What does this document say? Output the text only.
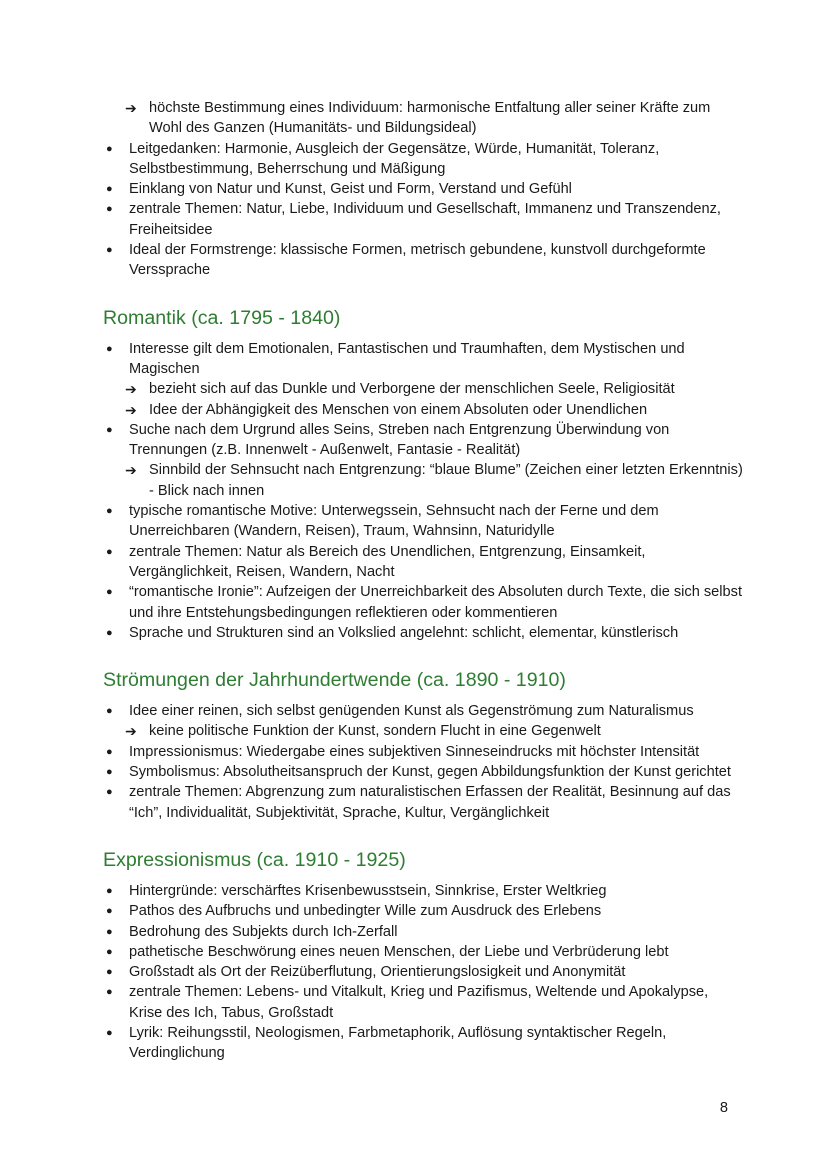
➔ höchste Bestimmung eines Individuum: harmonische Entfaltung aller seiner Kräfte zum Wohl des Ganzen (Humanitäts- und Bildungsideal)
● Leitgedanken: Harmonie, Ausgleich der Gegensätze, Würde, Humanität, Toleranz, Selbstbestimmung, Beherrschung und Mäßigung
● Einklang von Natur und Kunst, Geist und Form, Verstand und Gefühl
● zentrale Themen: Natur, Liebe, Individuum und Gesellschaft, Immanenz und Transzendenz, Freiheitsidee
● Ideal der Formstrenge: klassische Formen, metrisch gebundene, kunstvoll durchgeformte Verssprache
Romantik (ca. 1795 - 1840)
● Interesse gilt dem Emotionalen, Fantastischen und Traumhaften, dem Mystischen und Magischen
➔ bezieht sich auf das Dunkle und Verborgene der menschlichen Seele, Religiosität
➔ Idee der Abhängigkeit des Menschen von einem Absoluten oder Unendlichen
● Suche nach dem Urgrund alles Seins, Streben nach Entgrenzung Überwindung von Trennungen (z.B. Innenwelt - Außenwelt, Fantasie - Realität)
➔ Sinnbild der Sehnsucht nach Entgrenzung: “blaue Blume” (Zeichen einer letzten Erkenntnis) - Blick nach innen
● typische romantische Motive: Unterwegssein, Sehnsucht nach der Ferne und dem Unerreichbaren (Wandern, Reisen), Traum, Wahnsinn, Naturidylle
● zentrale Themen: Natur als Bereich des Unendlichen, Entgrenzung, Einsamkeit, Vergänglichkeit, Reisen, Wandern, Nacht
● “romantische Ironie”: Aufzeigen der Unerreichbarkeit des Absoluten durch Texte, die sich selbst und ihre Entstehungsbedingungen reflektieren oder kommentieren
● Sprache und Strukturen sind an Volkslied angelehnt: schlicht, elementar, künstlerisch
Strömungen der Jahrhundertwende (ca. 1890 - 1910)
● Idee einer reinen, sich selbst genügenden Kunst als Gegenströmung zum Naturalismus
➔ keine politische Funktion der Kunst, sondern Flucht in eine Gegenwelt
● Impressionismus: Wiedergabe eines subjektiven Sinneseindrucks mit höchster Intensität
● Symbolismus: Absolutheitsanspruch der Kunst, gegen Abbildungsfunktion der Kunst gerichtet
● zentrale Themen: Abgrenzung zum naturalistischen Erfassen der Realität, Besinnung auf das “Ich”, Individualität, Subjektivität, Sprache, Kultur, Vergänglichkeit
Expressionismus (ca. 1910 - 1925)
● Hintergründe: verschärftes Krisenbewusstsein, Sinnkrise, Erster Weltkrieg
● Pathos des Aufbruchs und unbedingter Wille zum Ausdruck des Erlebens
● Bedrohung des Subjekts durch Ich-Zerfall
● pathetische Beschwörung eines neuen Menschen, der Liebe und Verbrüderung lebt
● Großstadt als Ort der Reizüberflutung, Orientierungslosigkeit und Anonymität
● zentrale Themen: Lebens- und Vitalkult, Krieg und Pazifismus, Weltende und Apokalypse, Krise des Ich, Tabus, Großstadt
● Lyrik: Reihungsstil, Neologismen, Farbmetaphorik, Auflösung syntaktischer Regeln, Verdinglichung
8
